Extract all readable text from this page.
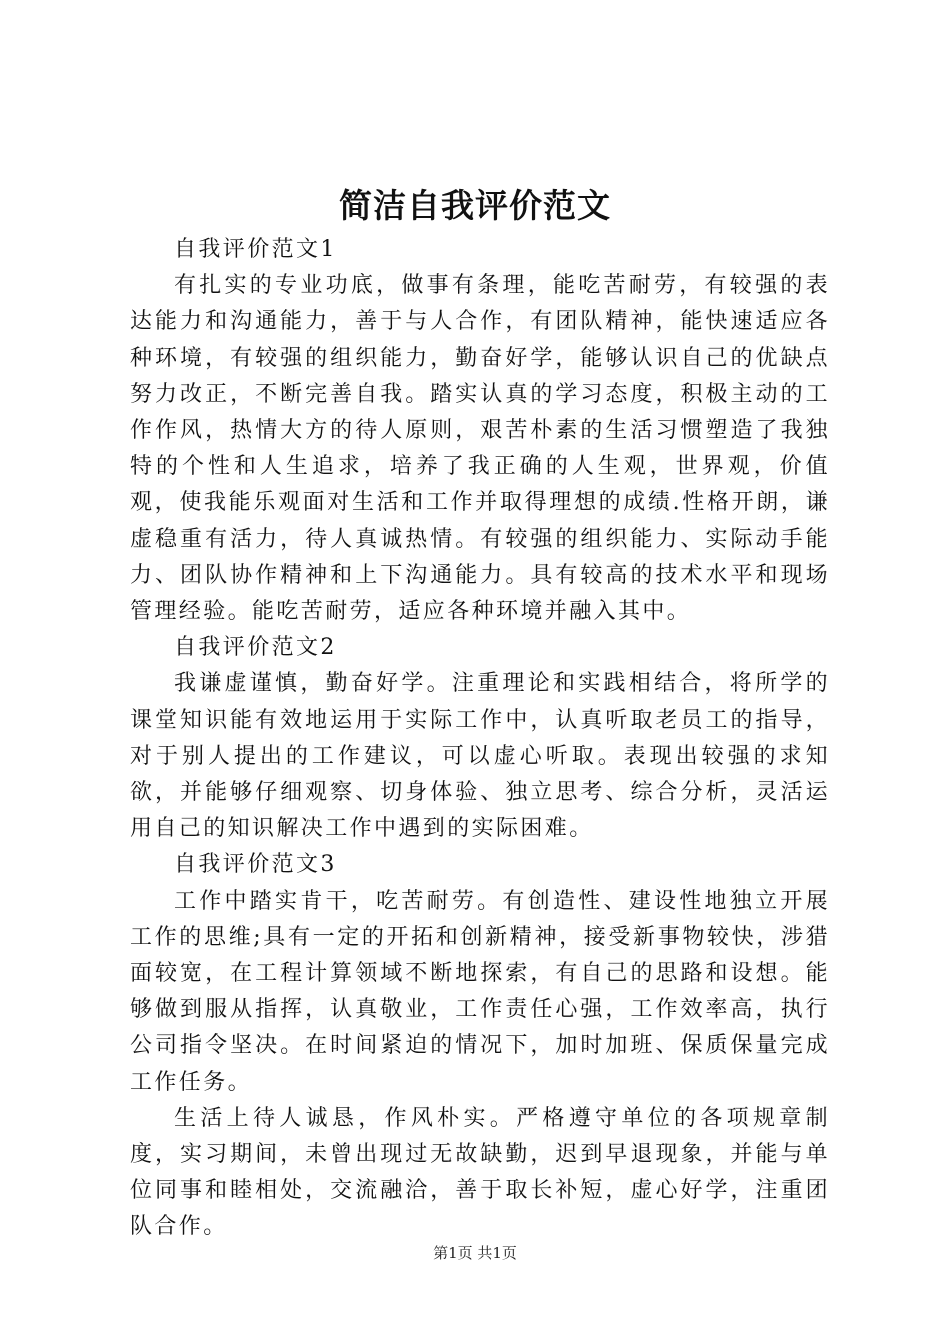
简洁自我评价范文

自我评价范文1

有扎实的专业功底，做事有条理，能吃苦耐劳，有较强的表达能力和沟通能力，善于与人合作，有团队精神，能快速适应各种环境，有较强的组织能力，勤奋好学，能够认识自己的优缺点努力改正，不断完善自我。踏实认真的学习态度，积极主动的工作作风，热情大方的待人原则，艰苦朴素的生活习惯塑造了我独特的个性和人生追求，培养了我正确的人生观，世界观，价值观，使我能乐观面对生活和工作并取得理想的成绩.性格开朗，谦虚稳重有活力，待人真诚热情。有较强的组织能力、实际动手能力、团队协作精神和上下沟通能力。具有较高的技术水平和现场管理经验。能吃苦耐劳，适应各种环境并融入其中。

自我评价范文2

我谦虚谨慎，勤奋好学。注重理论和实践相结合，将所学的课堂知识能有效地运用于实际工作中，认真听取老员工的指导，对于别人提出的工作建议，可以虚心听取。表现出较强的求知欲，并能够仔细观察、切身体验、独立思考、综合分析，灵活运用自己的知识解决工作中遇到的实际困难。

自我评价范文3

工作中踏实肯干，吃苦耐劳。有创造性、建设性地独立开展工作的思维;具有一定的开拓和创新精神，接受新事物较快，涉猎面较宽，在工程计算领域不断地探索，有自己的思路和设想。能够做到服从指挥，认真敬业，工作责任心强，工作效率高，执行公司指令坚决。在时间紧迫的情况下，加时加班、保质保量完成工作任务。

生活上待人诚恳，作风朴实。严格遵守单位的各项规章制度，实习期间，未曾出现过无故缺勤，迟到早退现象，并能与单位同事和睦相处，交流融洽，善于取长补短，虚心好学，注重团队合作。

第1页 共1页
